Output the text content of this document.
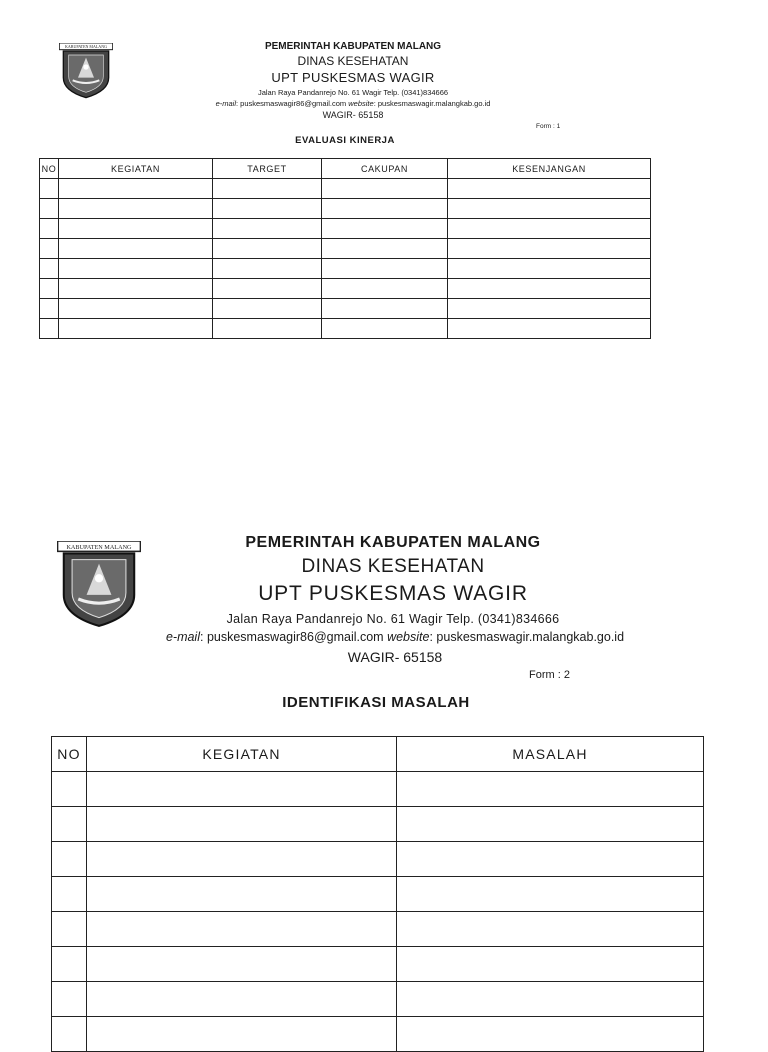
KABUPATEN MALANG	PEMERINTAH KABUPATEN MALANG
DINAS KESEHATAN
UPT PUSKESMAS WAGIR
Jalan Raya Pandanrejo No. 61 Wagir Telp. (0341)834666
e-mail: puskesmaswagir86@gmail.com website: puskesmaswagir.malangkab.go.id
WAGIR- 65158
Form : 1
EVALUASI KINERJA
NO	KEGIATAN	TARGET	CAKUPAN	KESENJANGAN

KABUPATEN MALANG	PEMERINTAH KABUPATEN MALANG
DINAS KESEHATAN
UPT PUSKESMAS WAGIR
Jalan Raya Pandanrejo No. 61 Wagir Telp. (0341)834666
e-mail: puskesmaswagir86@gmail.com website: puskesmaswagir.malangkab.go.id
WAGIR- 65158
Form : 2
IDENTIFIKASI MASALAH
NO	KEGIATAN	MASALAH
